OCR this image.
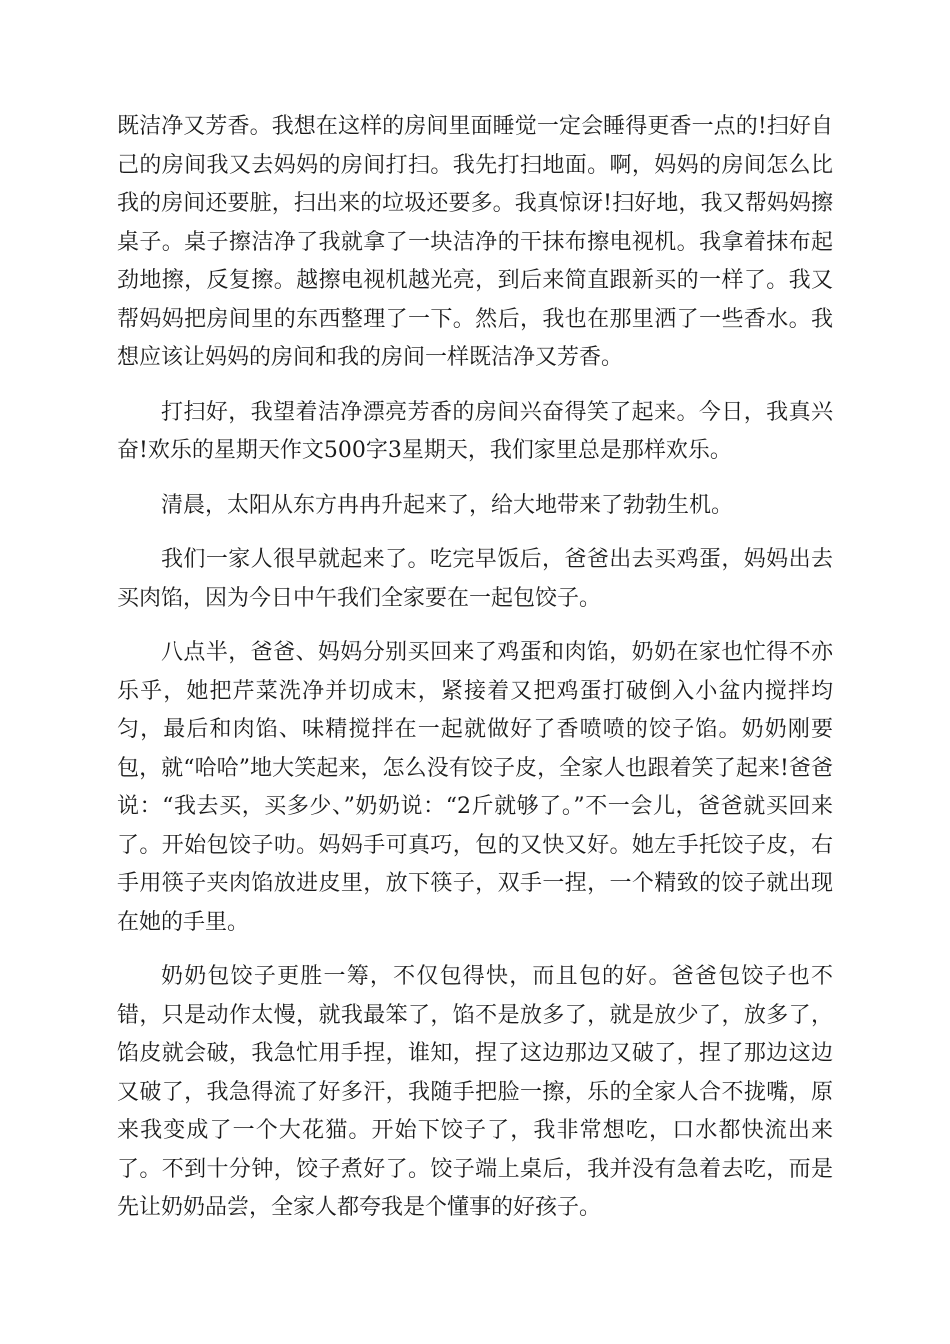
既洁净又芳香。我想在这样的房间里面睡觉一定会睡得更香一点的!扫好自己的房间我又去妈妈的房间打扫。我先打扫地面。啊，妈妈的房间怎么比我的房间还要脏，扫出来的垃圾还要多。我真惊讶!扫好地，我又帮妈妈擦桌子。桌子擦洁净了我就拿了一块洁净的干抹布擦电视机。我拿着抹布起劲地擦，反复擦。越擦电视机越光亮，到后来简直跟新买的一样了。我又帮妈妈把房间里的东西整理了一下。然后，我也在那里洒了一些香水。我想应该让妈妈的房间和我的房间一样既洁净又芳香。

打扫好，我望着洁净漂亮芳香的房间兴奋得笑了起来。今日，我真兴奋!欢乐的星期天作文500字3星期天，我们家里总是那样欢乐。

清晨，太阳从东方冉冉升起来了，给大地带来了勃勃生机。

我们一家人很早就起来了。吃完早饭后，爸爸出去买鸡蛋，妈妈出去买肉馅，因为今日中午我们全家要在一起包饺子。

八点半，爸爸、妈妈分别买回来了鸡蛋和肉馅，奶奶在家也忙得不亦乐乎，她把芹菜洗净并切成末，紧接着又把鸡蛋打破倒入小盆内搅拌均匀，最后和肉馅、味精搅拌在一起就做好了香喷喷的饺子馅。奶奶刚要包，就“哈哈”地大笑起来，怎么没有饺子皮，全家人也跟着笑了起来!爸爸说：“我去买，买多少、”奶奶说：“2斤就够了。”不一会儿，爸爸就买回来了。开始包饺子叻。妈妈手可真巧，包的又快又好。她左手托饺子皮，右手用筷子夹肉馅放进皮里，放下筷子，双手一捏，一个精致的饺子就出现在她的手里。

奶奶包饺子更胜一筹，不仅包得快，而且包的好。爸爸包饺子也不错，只是动作太慢，就我最笨了，馅不是放多了，就是放少了，放多了，馅皮就会破，我急忙用手捏，谁知，捏了这边那边又破了，捏了那边这边又破了，我急得流了好多汗，我随手把脸一擦，乐的全家人合不拢嘴，原来我变成了一个大花猫。开始下饺子了，我非常想吃，口水都快流出来了。不到十分钟，饺子煮好了。饺子端上桌后，我并没有急着去吃，而是先让奶奶品尝，全家人都夸我是个懂事的好孩子。
